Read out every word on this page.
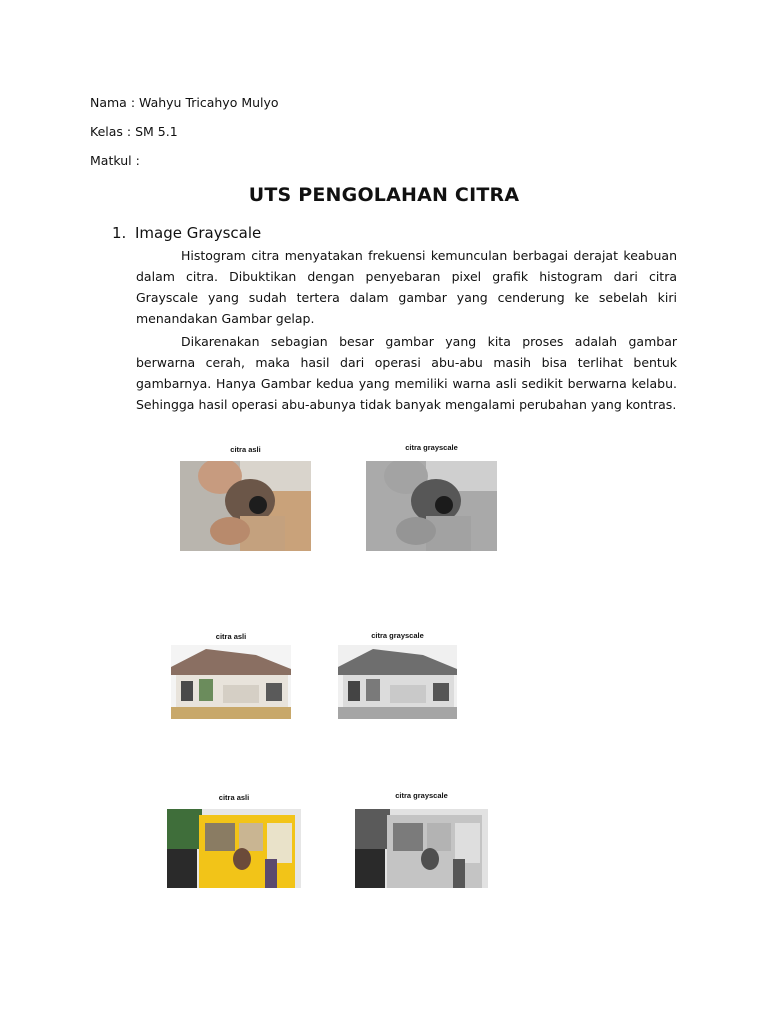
Nama : Wahyu Tricahyo Mulyo
Kelas : SM 5.1
Matkul :
UTS PENGOLAHAN CITRA
1. Image Grayscale

Histogram citra menyatakan frekuensi kemunculan berbagai derajat keabuan dalam citra. Dibuktikan dengan penyebaran pixel grafik histogram dari citra Grayscale yang sudah tertera dalam gambar yang cenderung ke sebelah kiri menandakan Gambar gelap.

Dikarenakan sebagian besar gambar yang kita proses adalah gambar berwarna cerah, maka hasil dari operasi abu-abu masih bisa terlihat bentuk gambarnya. Hanya Gambar kedua yang memiliki warna asli sedikit berwarna kelabu. Sehingga hasil operasi abu-abunya tidak banyak mengalami perubahan yang kontras.

citra asli	citra grayscale
citra asli	citra grayscale
citra asli	citra grayscale
